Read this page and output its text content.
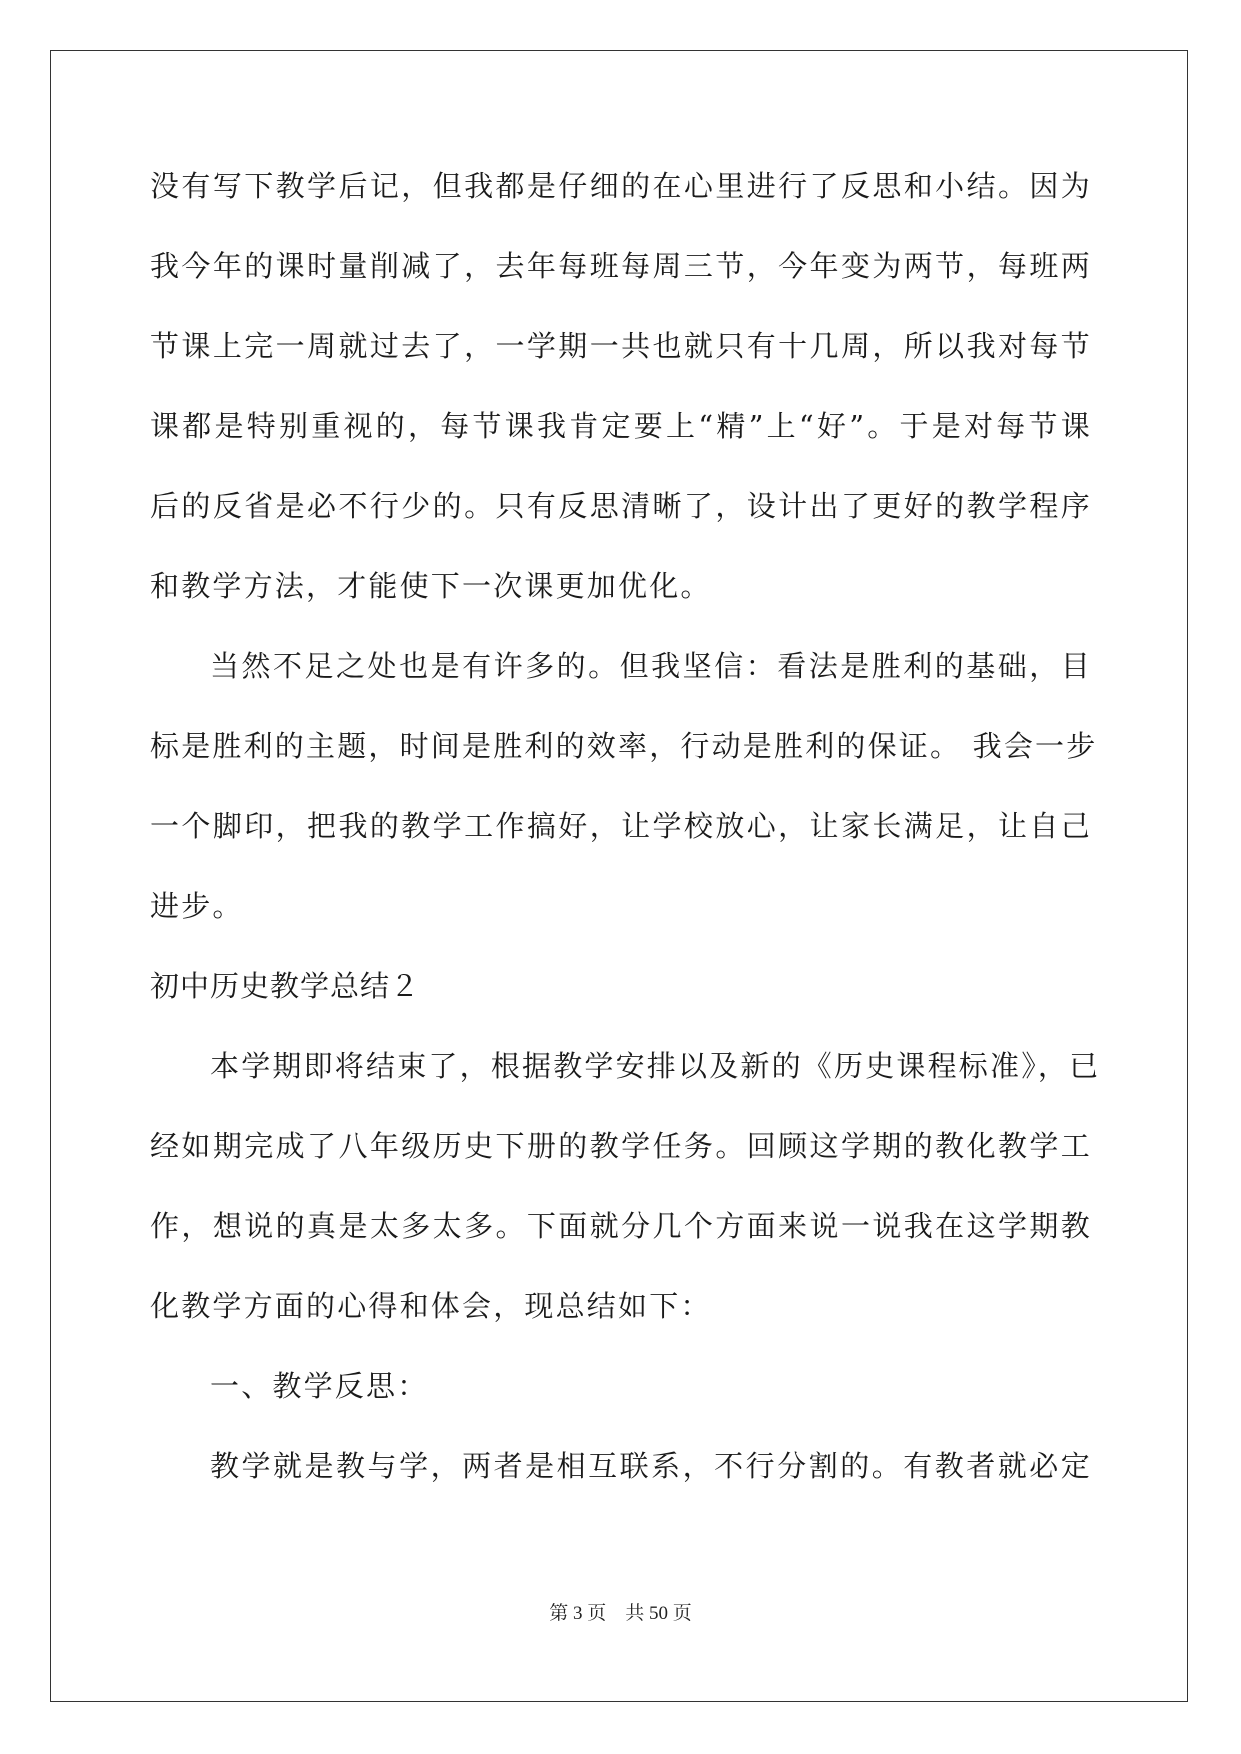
没有写下教学后记，但我都是仔细的在心里进行了反思和小结。因为
我今年的课时量削减了，去年每班每周三节，今年变为两节，每班两
节课上完一周就过去了，一学期一共也就只有十几周，所以我对每节
课都是特别重视的，每节课我肯定要上“精”上“好”。于是对每节课
后的反省是必不行少的。只有反思清晰了，设计出了更好的教学程序
和教学方法，才能使下一次课更加优化。
当然不足之处也是有许多的。但我坚信：看法是胜利的基础，目
标是胜利的主题，时间是胜利的效率，行动是胜利的保证。 我会一步
一个脚印，把我的教学工作搞好，让学校放心，让家长满足，让自己
进步。
初中历史教学总结２
本学期即将结束了，根据教学安排以及新的《历史课程标准》，已
经如期完成了八年级历史下册的教学任务。回顾这学期的教化教学工
作，想说的真是太多太多。下面就分几个方面来说一说我在这学期教
化教学方面的心得和体会，现总结如下：
一、教学反思：
教学就是教与学，两者是相互联系，不行分割的。有教者就必定
第 3 页 共 50 页
